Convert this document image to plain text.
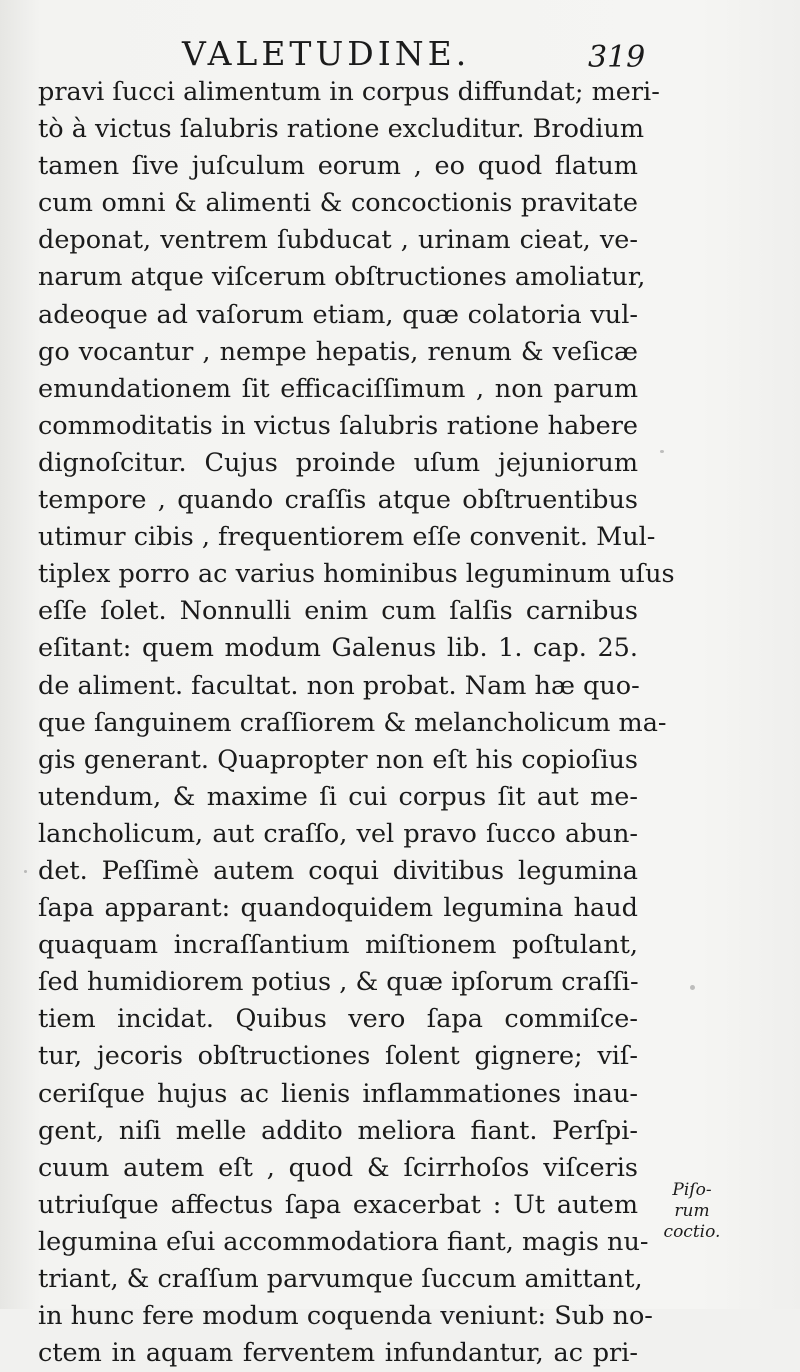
VALETUDINE.	319
pravi ſucci alimentum in corpus diffundat; meri-
tò à victus ſalubris ratione excluditur. Brodium
tamen ſive juſculum eorum , eo quod flatum
cum omni & alimenti & concoctionis pravitate
deponat, ventrem ſubducat , urinam cieat, ve-
narum atque viſcerum obſtructiones amoliatur,
adeoque ad vaſorum etiam, quæ colatoria vul-
go vocantur , nempe hepatis, renum & veſicæ
emundationem ſit efficaciſſimum , non parum
commoditatis in victus ſalubris ratione habere
dignoſcitur. Cujus proinde uſum jejuniorum
tempore , quando craſſis atque obſtruentibus
utimur cibis , frequentiorem eſſe convenit. Mul-
tiplex porro ac varius hominibus leguminum uſus
eſſe ſolet. Nonnulli enim cum ſalſis carnibus
eſitant: quem modum Galenus lib. 1. cap. 25.
de aliment. facultat. non probat. Nam hæ quo-
que ſanguinem craſſiorem & melancholicum ma-
gis generant. Quapropter non eſt his copioſius
utendum, & maxime ſi cui corpus ſit aut me-
lancholicum, aut craſſo, vel pravo ſucco abun-
det. Peſſimè autem coqui divitibus legumina
ſapa apparant: quandoquidem legumina haud
quaquam incraſſantium miſtionem poſtulant,
ſed humidiorem potius , & quæ ipſorum craſſi-
tiem incidat. Quibus vero ſapa commiſce-
tur, jecoris obſtructiones ſolent gignere; viſ-
ceriſque hujus ac lienis inflammationes inau-
gent, niſi melle addito meliora fiant. Perſpi-
cuum autem eſt , quod & ſcirrhoſos viſceris
utriuſque affectus ſapa exacerbat : Ut autem
legumina eſui accommodatiora fiant, magis nu-
triant, & craſſum parvumque ſuccum amittant,
in hunc fere modum coquenda veniunt: Sub no-
ctem in aquam ferventem infundantur, ac pri-
Piſo-
rum
coctio.
